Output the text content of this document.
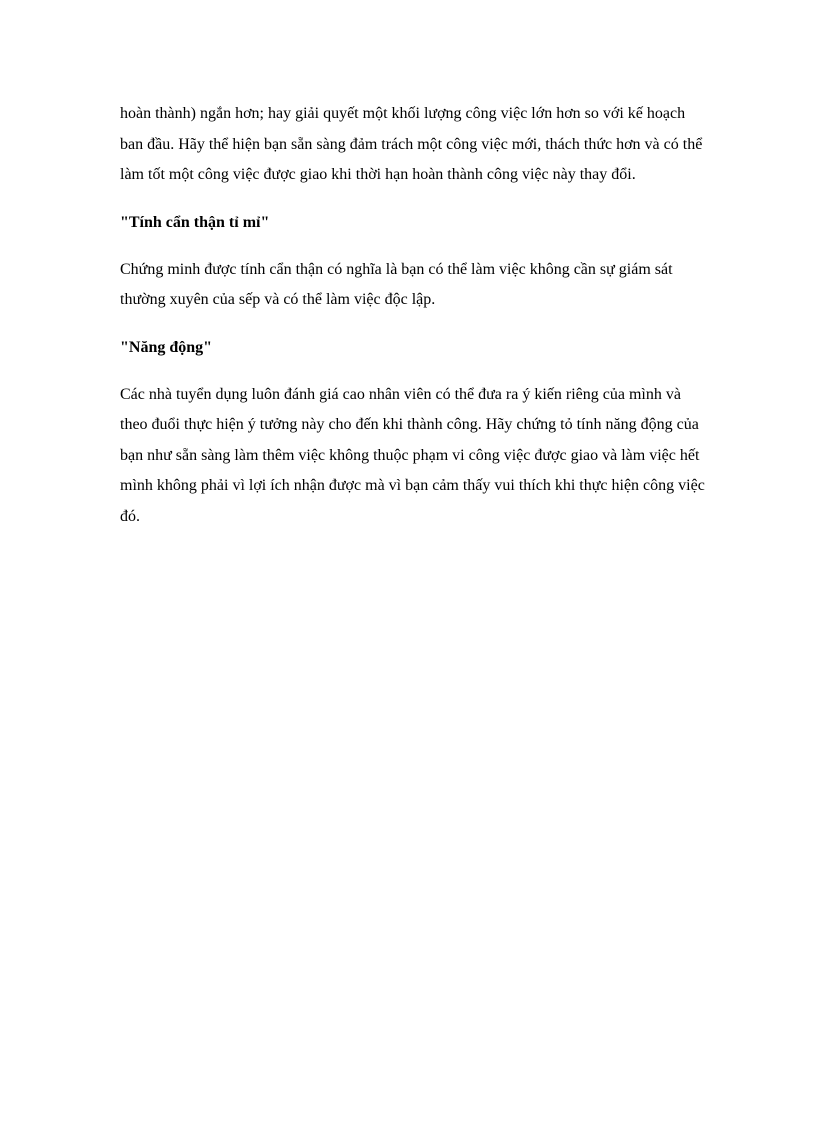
hoàn thành) ngắn hơn; hay giải quyết một khối lượng công việc lớn hơn so với kế hoạch ban đầu. Hãy thể hiện bạn sẵn sàng đảm trách một công việc mới, thách thức hơn và có thể làm tốt một công việc được giao khi thời hạn hoàn thành công việc này thay đổi.

"Tính cẩn thận tỉ mỉ"

Chứng minh được tính cẩn thận có nghĩa là bạn có thể làm việc không cần sự giám sát thường xuyên của sếp và có thể làm việc độc lập.

"Năng động"

Các nhà tuyển dụng luôn đánh giá cao nhân viên có thể đưa ra ý kiến riêng của mình và theo đuổi thực hiện ý tưởng này cho đến khi thành công. Hãy chứng tỏ tính năng động của bạn như sẵn sàng làm thêm việc không thuộc phạm vi công việc được giao và làm việc hết mình không phải vì lợi ích nhận được mà vì bạn cảm thấy vui thích khi thực hiện công việc đó.
